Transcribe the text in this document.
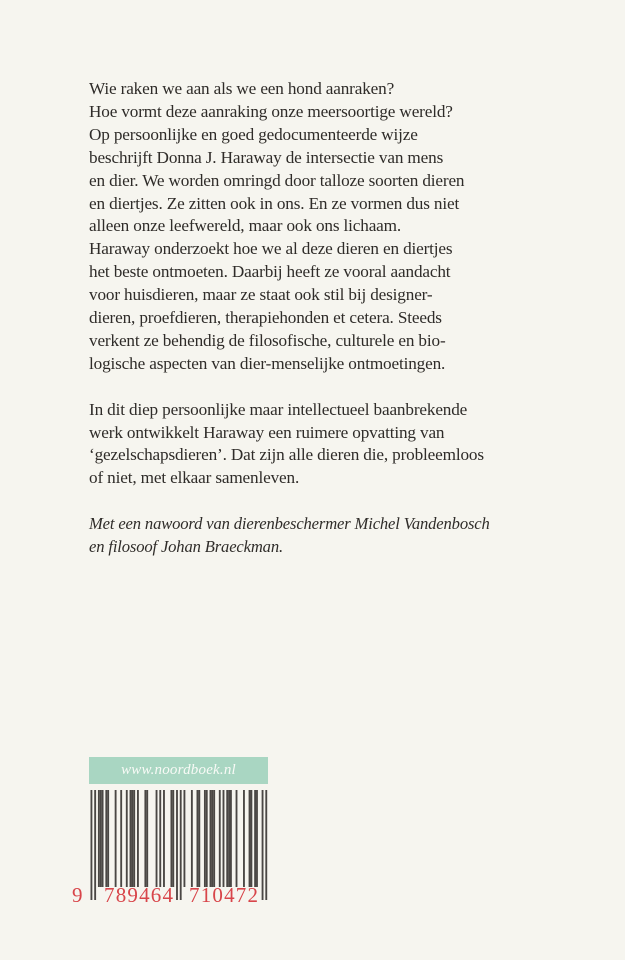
Wie raken we aan als we een hond aanraken?
Hoe vormt deze aanraking onze meersoortige wereld?
Op persoonlijke en goed gedocumenteerde wijze
beschrijft Donna J. Haraway de intersectie van mens
en dier. We worden omringd door talloze soorten dieren
en diertjes. Ze zitten ook in ons. En ze vormen dus niet
alleen onze leefwereld, maar ook ons lichaam.
Haraway onderzoekt hoe we al deze dieren en diertjes
het beste ontmoeten. Daarbij heeft ze vooral aandacht
voor huisdieren, maar ze staat ook stil bij designer-
dieren, proefdieren, therapiehonden et cetera. Steeds
verkent ze behendig de filosofische, culturele en bio-
logische aspecten van dier-menselijke ontmoetingen.
In dit diep persoonlijke maar intellectueel baanbrekende
werk ontwikkelt Haraway een ruimere opvatting van
‘gezelschapsdieren’. Dat zijn alle dieren die, probleemloos
of niet, met elkaar samenleven.
Met een nawoord van dierenbeschermer Michel Vandenbosch
en filosoof Johan Braeckman.
www.noordboek.nl
9 789464 710472
